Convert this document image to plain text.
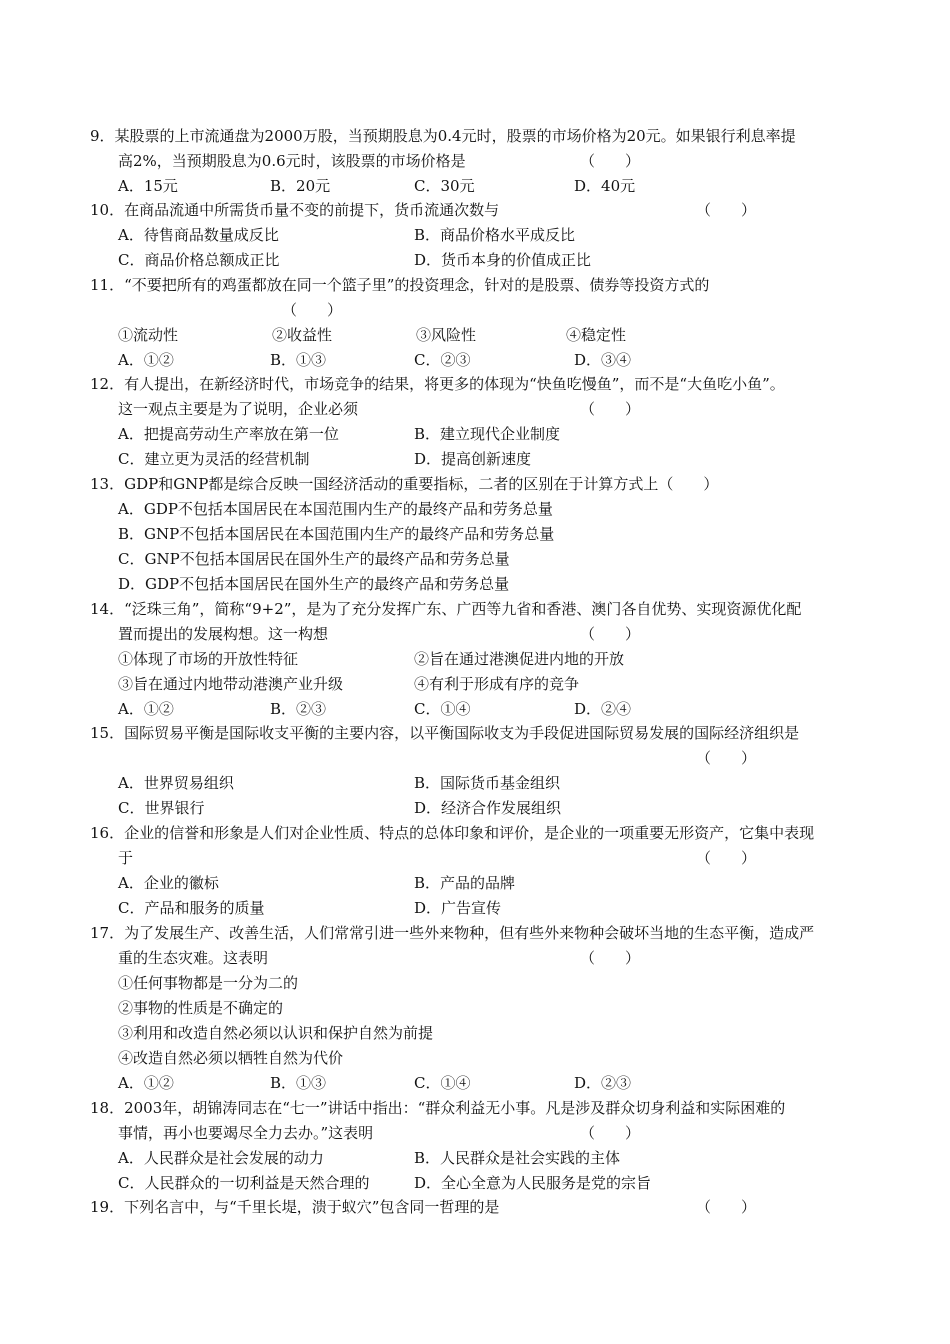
9．某股票的上市流通盘为2000万股，当预期股息为0.4元时，股票的市场价格为20元。如果银行利息率提
高2%，当预期股息为0.6元时，该股票的市场价格是	（　　）
A．15元	B．20元	C．30元	D．40元
10．在商品流通中所需货币量不变的前提下，货币流通次数与	（　　）
A．待售商品数量成反比	B．商品价格水平成反比
C．商品价格总额成正比	D．货币本身的价值成正比
11．“不要把所有的鸡蛋都放在同一个篮子里”的投资理念，针对的是股票、债券等投资方式的
（　　）
①流动性	②收益性	③风险性	④稳定性
A．①②	B．①③	C．②③	D．③④
12．有人提出，在新经济时代，市场竞争的结果，将更多的体现为“快鱼吃慢鱼”，而不是“大鱼吃小鱼”。
这一观点主要是为了说明，企业必须	（　　）
A．把提高劳动生产率放在第一位	B．建立现代企业制度
C．建立更为灵活的经营机制	D．提高创新速度
13．GDP和GNP都是综合反映一国经济活动的重要指标，二者的区别在于计算方式上（　　）
A．GDP不包括本国居民在本国范围内生产的最终产品和劳务总量
B．GNP不包括本国居民在本国范围内生产的最终产品和劳务总量
C．GNP不包括本国居民在国外生产的最终产品和劳务总量
D．GDP不包括本国居民在国外生产的最终产品和劳务总量
14．“泛珠三角”，简称“9+2”，是为了充分发挥广东、广西等九省和香港、澳门各自优势、实现资源优化配
置而提出的发展构想。这一构想	（　　）
①体现了市场的开放性特征	②旨在通过港澳促进内地的开放
③旨在通过内地带动港澳产业升级	④有利于形成有序的竞争
A．①②	B．②③	C．①④	D．②④
15．国际贸易平衡是国际收支平衡的主要内容，以平衡国际收支为手段促进国际贸易发展的国际经济组织是
（　　）
A．世界贸易组织	B．国际货币基金组织
C．世界银行	D．经济合作发展组织
16．企业的信誉和形象是人们对企业性质、特点的总体印象和评价，是企业的一项重要无形资产，它集中表现
于	（　　）
A．企业的徽标	B．产品的品牌
C．产品和服务的质量	D．广告宣传
17．为了发展生产、改善生活，人们常常引进一些外来物种，但有些外来物种会破坏当地的生态平衡，造成严
重的生态灾难。这表明	（　　）
①任何事物都是一分为二的
②事物的性质是不确定的
③利用和改造自然必须以认识和保护自然为前提
④改造自然必须以牺牲自然为代价
A．①②	B．①③	C．①④	D．②③
18．2003年，胡锦涛同志在“七一”讲话中指出：“群众利益无小事。凡是涉及群众切身利益和实际困难的
事情，再小也要竭尽全力去办。”这表明	（　　）
A．人民群众是社会发展的动力	B．人民群众是社会实践的主体
C．人民群众的一切利益是天然合理的	D．全心全意为人民服务是党的宗旨
19．下列名言中，与“千里长堤，溃于蚁穴”包含同一哲理的是	（　　）
